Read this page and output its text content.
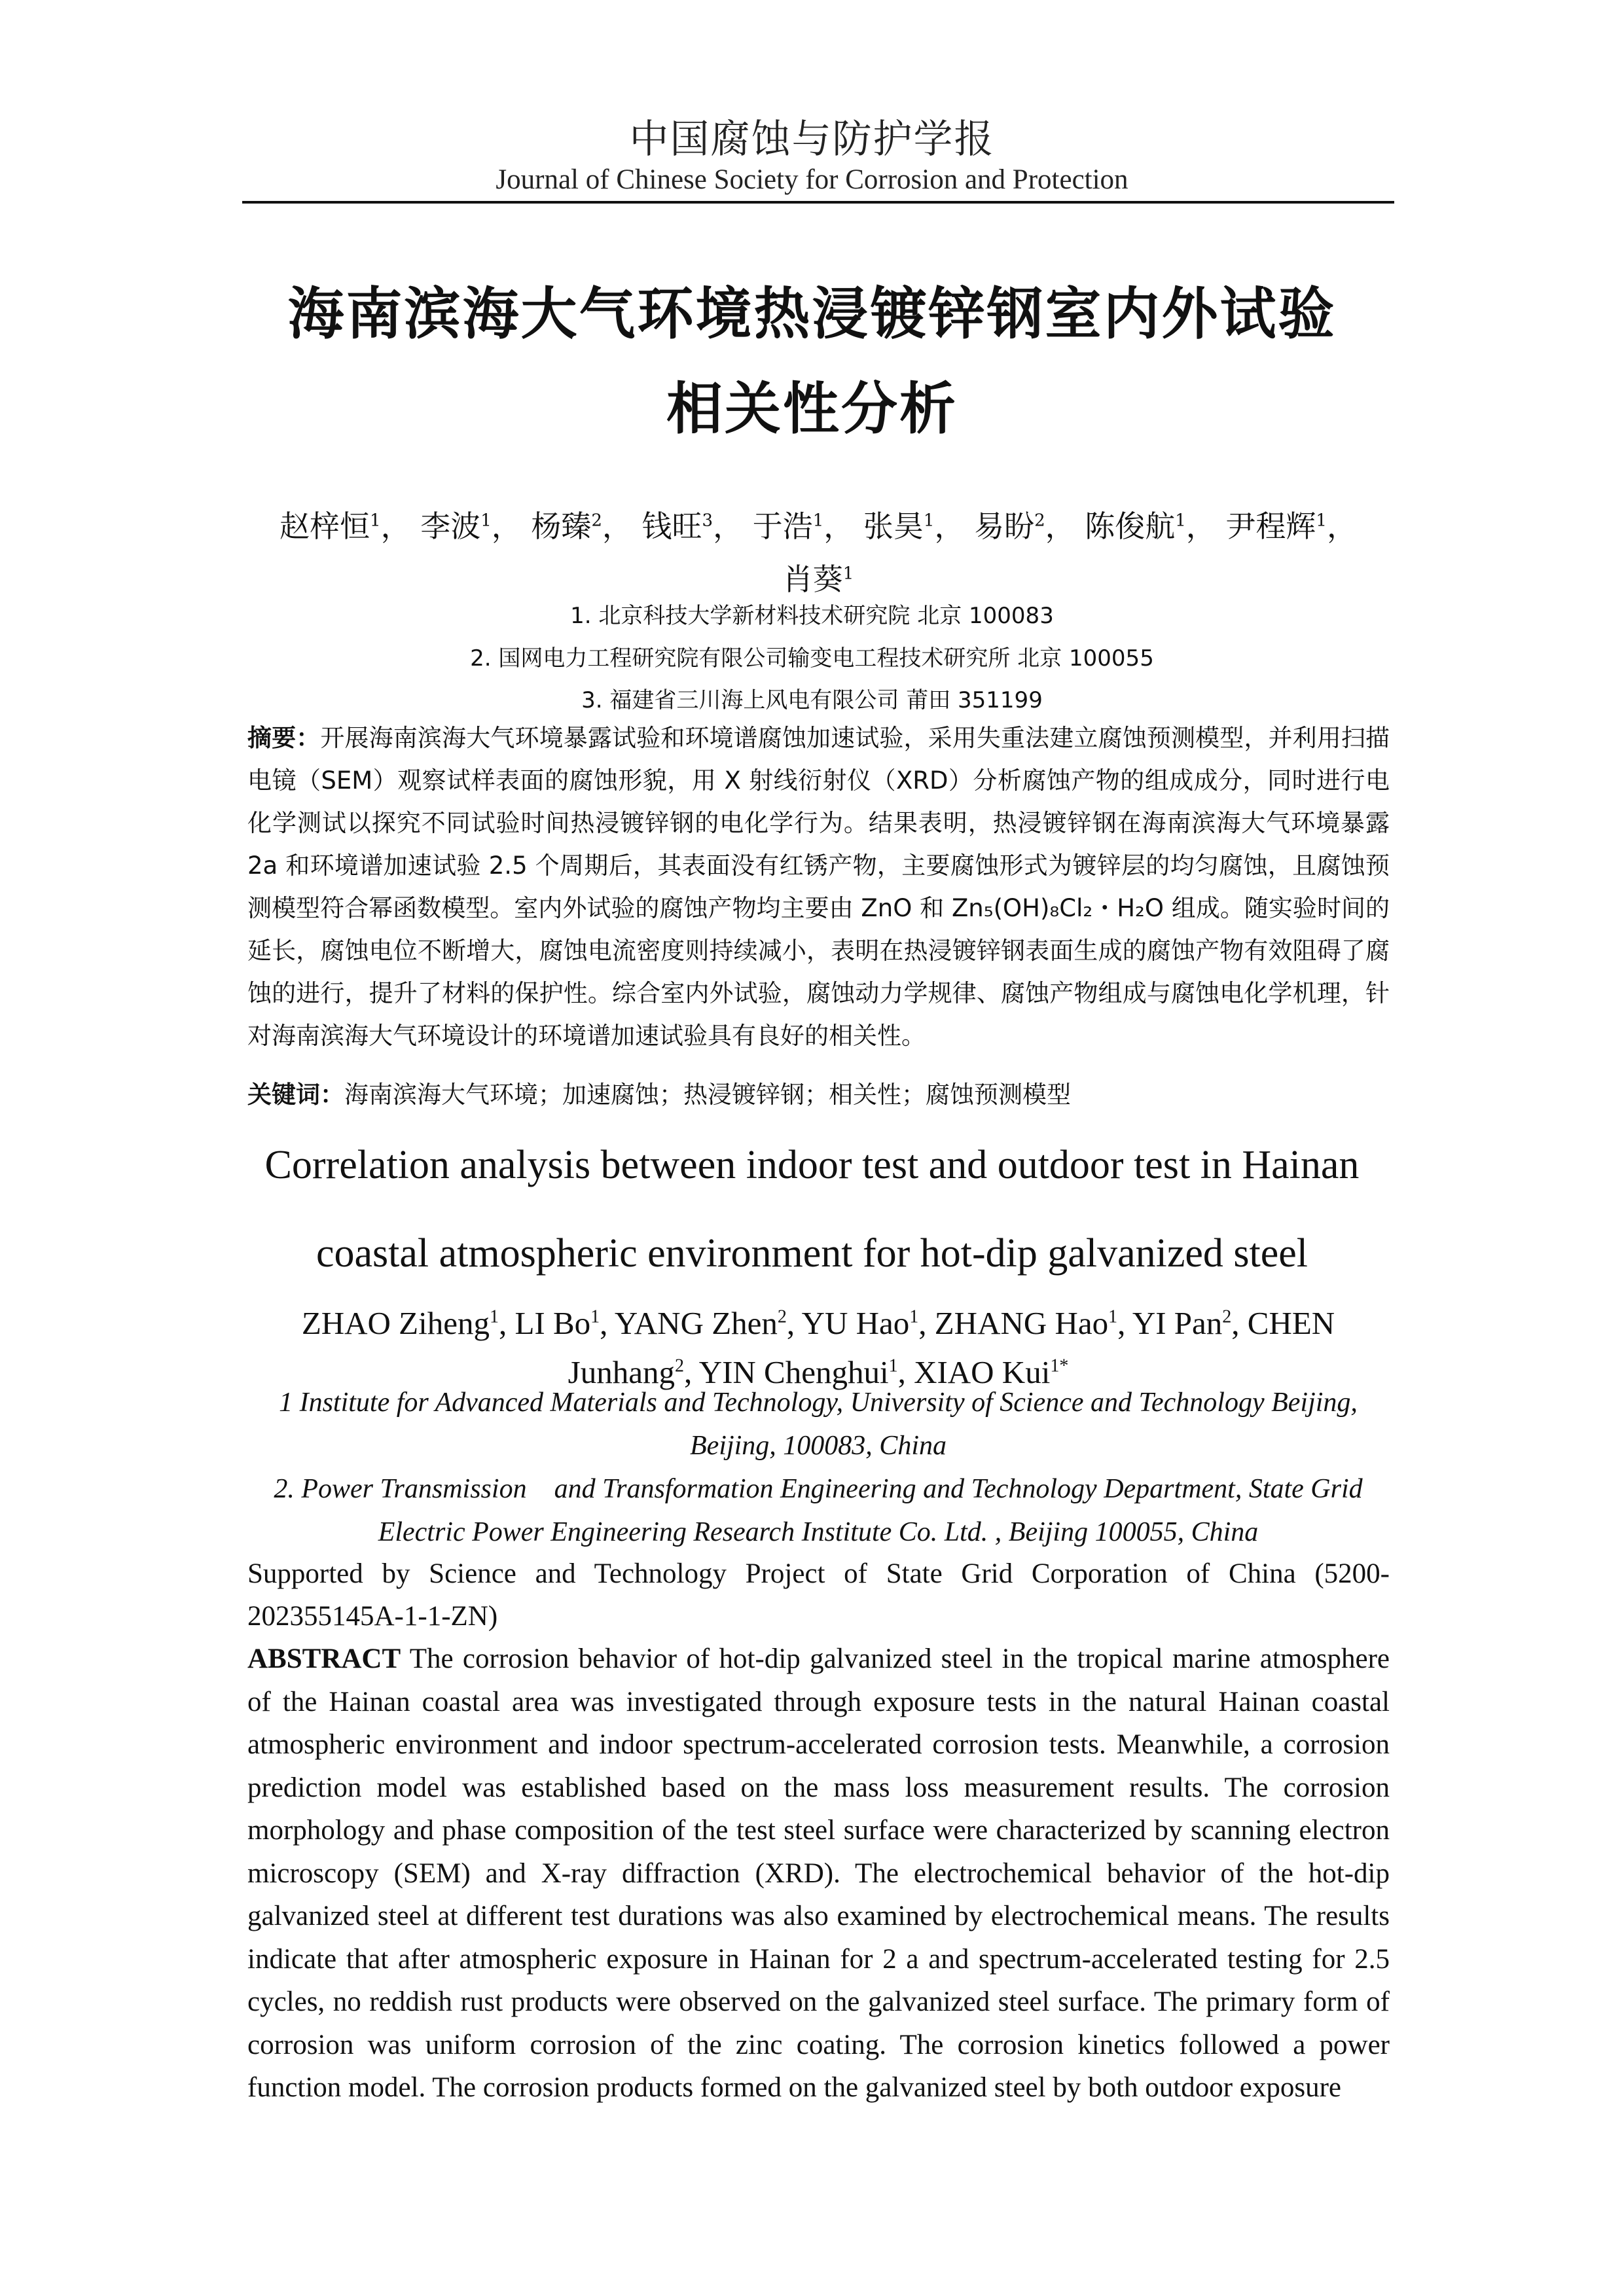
中国腐蚀与防护学报
Journal of Chinese Society for Corrosion and Protection
海南滨海大气环境热浸镀锌钢室内外试验
相关性分析
赵梓恒$^1$， 李波$^1$， 杨臻$^2$， 钱旺$^3$， 于浩$^1$， 张昊$^1$， 易盼$^2$， 陈俊航$^1$， 尹程辉$^1$，
肖葵$^1$
1. 北京科技大学新材料技术研究院 北京 100083
2. 国网电力工程研究院有限公司输变电工程技术研究所 北京 100055
3. 福建省三川海上风电有限公司 莆田 351199
摘要：开展海南滨海大气环境暴露试验和环境谱腐蚀加速试验，采用失重法建立腐蚀预测模型，并利用扫描电镜（SEM）观察试样表面的腐蚀形貌，用 X 射线衍射仪（XRD）分析腐蚀产物的组成成分，同时进行电化学测试以探究不同试验时间热浸镀锌钢的电化学行为。结果表明，热浸镀锌钢在海南滨海大气环境暴露 2a 和环境谱加速试验 2.5 个周期后，其表面没有红锈产物，主要腐蚀形式为镀锌层的均匀腐蚀，且腐蚀预测模型符合幂函数模型。室内外试验的腐蚀产物均主要由 ZnO 和 Zn₅(OH)₈Cl₂・H₂O 组成。随实验时间的延长，腐蚀电位不断增大，腐蚀电流密度则持续减小，表明在热浸镀锌钢表面生成的腐蚀产物有效阻碍了腐蚀的进行，提升了材料的保护性。综合室内外试验，腐蚀动力学规律、腐蚀产物组成与腐蚀电化学机理，针对海南滨海大气环境设计的环境谱加速试验具有良好的相关性。
关键词：海南滨海大气环境；加速腐蚀；热浸镀锌钢；相关性；腐蚀预测模型
Correlation analysis between indoor test and outdoor test in Hainan
coastal atmospheric environment for hot-dip galvanized steel
ZHAO Ziheng$^1$, LI Bo$^1$, YANG Zhen$^2$, YU Hao$^1$, ZHANG Hao$^1$, YI Pan$^2$, CHEN Junhang$^2$, YIN Chenghui$^1$, XIAO Kui$^{1*}$
1 Institute for Advanced Materials and Technology, University of Science and Technology Beijing, Beijing, 100083, China
2. Power Transmission　and Transformation Engineering and Technology Department, State Grid Electric Power Engineering Research Institute Co. Ltd. , Beijing 100055, China
Supported by Science and Technology Project of State Grid Corporation of China (5200-202355145A-1-1-ZN)
ABSTRACT The corrosion behavior of hot-dip galvanized steel in the tropical marine atmosphere of the Hainan coastal area was investigated through exposure tests in the natural Hainan coastal atmospheric environment and indoor spectrum-accelerated corrosion tests. Meanwhile, a corrosion prediction model was established based on the mass loss measurement results. The corrosion morphology and phase composition of the test steel surface were characterized by scanning electron microscopy (SEM) and X-ray diffraction (XRD). The electrochemical behavior of the hot-dip galvanized steel at different test durations was also examined by electrochemical means. The results indicate that after atmospheric exposure in Hainan for 2 a and spectrum-accelerated testing for 2.5 cycles, no reddish rust products were observed on the galvanized steel surface. The primary form of corrosion was uniform corrosion of the zinc coating. The corrosion kinetics followed a power function model. The corrosion products formed on the galvanized steel by both outdoor exposure
